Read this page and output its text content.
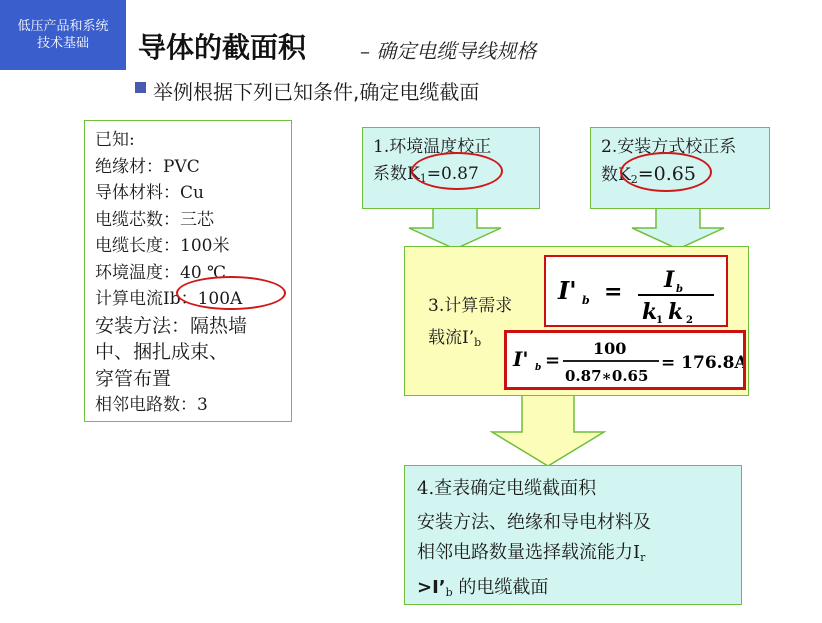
低压产品和系统
技术基础	导体的截面积	– 确定电缆导线规格
举例根据下列已知条件,确定电缆截面
已知:
绝缘材：PVC
导体材料：Cu
电缆芯数：三芯
电缆长度：100米
环境温度：40 ℃
计算电流Ib：100A
安装方法：隔热墙
中、捆扎成束、
穿管布置
相邻电路数：3
1.环境温度校正
系数$K_1=0.87$
2.安装方式校正系
数$K_2=0.65$
3.计算需求
载流$I’_b$
I' b = I b
k
1 k 2
I' b =
100
0.87∗0.65
= 176.8A
4.查表确定电缆截面积
安装方法、绝缘和导电材料及
相邻电路数量选择载流能力$I_r$
$>I’_b$ 的电缆截面
